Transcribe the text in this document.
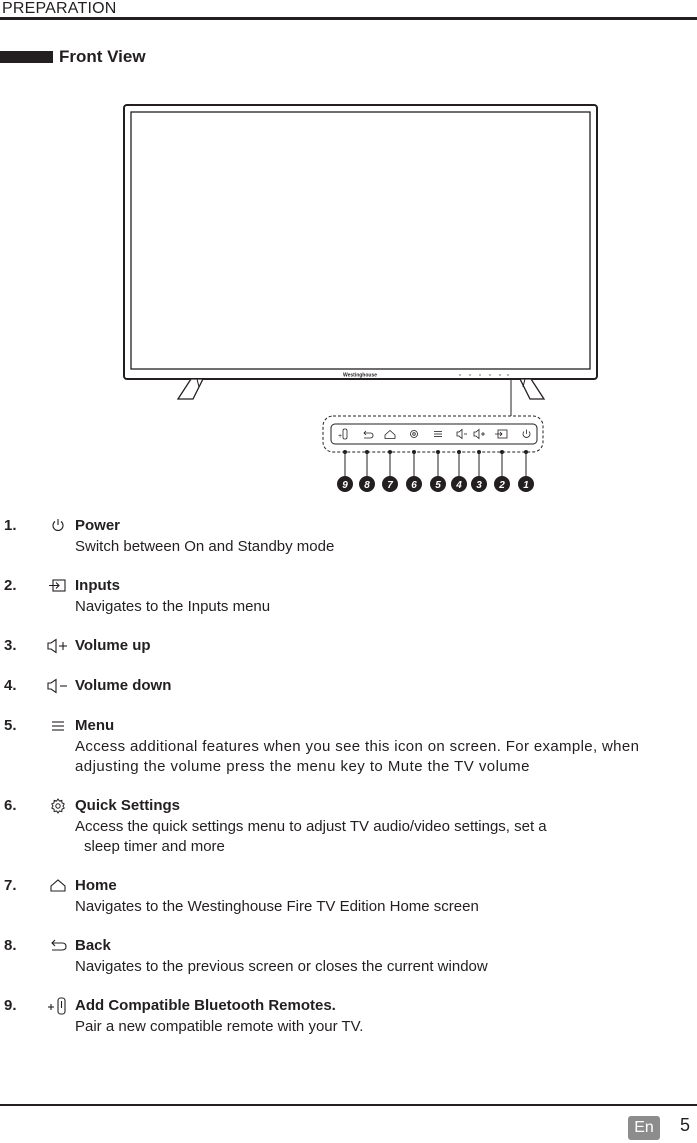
PREPARATION
Front View
Westinghouse
+
9 8 7 6 5 4 3 2 1
1.	Power
Switch between On and Standby mode
2.	Inputs
Navigates to the Inputs menu
3.	Volume up
4.	Volume down
5.	Menu
Access additional features when you see this icon on screen. For example, when
adjusting the volume press the menu key to Mute the TV volume
6.	Quick Settings
Access the quick settings menu to adjust TV audio/video settings, set a
sleep timer and more
7.	Home
Navigates to the Westinghouse Fire TV Edition Home screen
8.	Back
Navigates to the previous screen or closes the current window
9.	Add Compatible Bluetooth Remotes.
Pair a new compatible remote with your TV.
En	5
